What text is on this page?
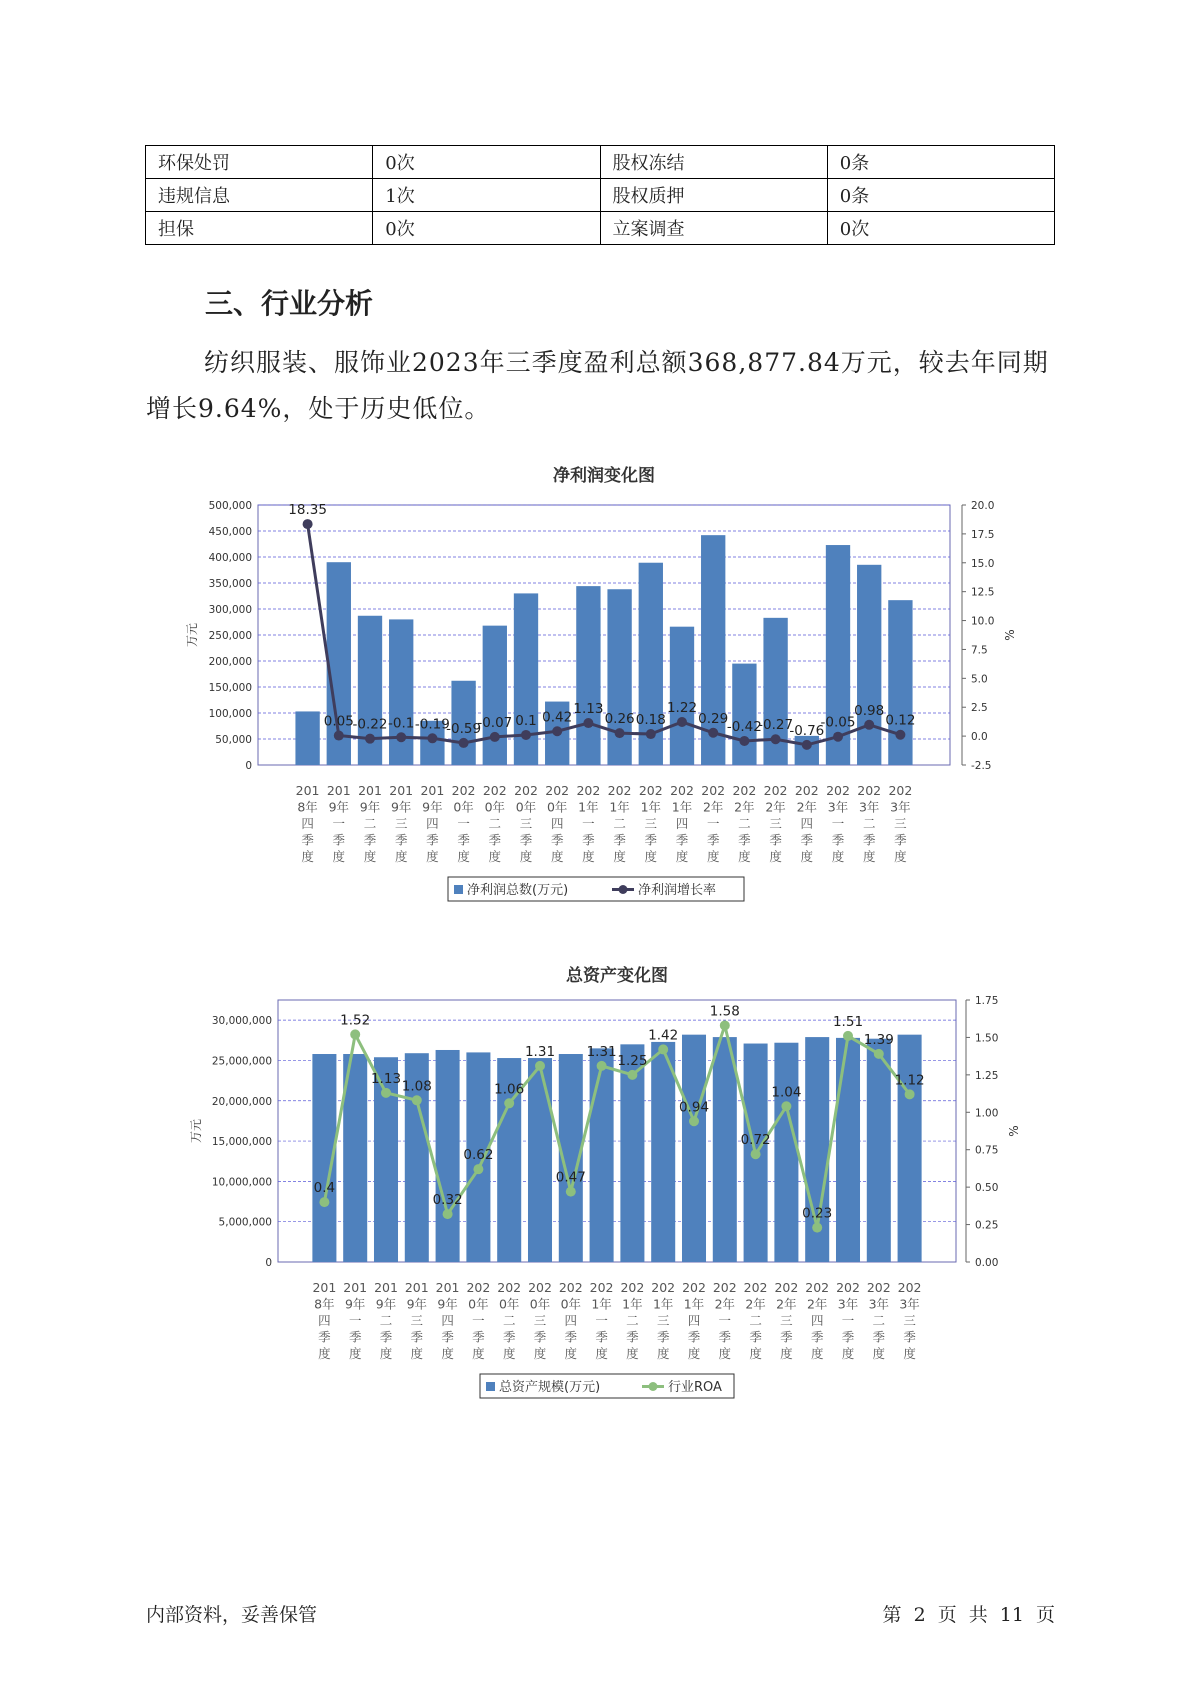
环保处罚	0次	股权冻结	0条
违规信息	1次	股权质押	0条
担保	0次	立案调查	0次
三、行业分析

纺织服装、服饰业2023年三季度盈利总额368,877.84万元，较去年同期增长9.64%，处于历史低位。

净利润变化图
0
50,000
100,000
150,000
200,000
250,000
300,000
350,000
400,000
450,000
500,000
-2.5
0.0
2.5
5.0
7.5
10.0
12.5
15.0
17.5
20.0
万元	%
18.35
0.05
-0.22 -0.1 -0.19
-0.59
-0.07 0.1 0.42
1.13
0.26 0.18
1.22
0.29
-0.42
-0.27
-0.76
-0.05
0.98
0.12
201
8年
四
季
度
201
9年
一
季
度
201
9年
二
季
度
201
9年
三
季
度
201
9年
四
季
度
202
0年
一
季
度
202
0年
二
季
度
202
0年
三
季
度
202
0年
四
季
度
202
1年
一
季
度
202
1年
二
季
度
202
1年
三
季
度
202
1年
四
季
度
202
2年
一
季
度
202
2年
二
季
度
202
2年
三
季
度
202
2年
四
季
度
202
3年
一
季
度
202
3年
二
季
度
202
3年
三
季
度
净利润总数(万元)	净利润增长率
总资产变化图
0
5,000,000
10,000,000
15,000,000
20,000,000
25,000,000
30,000,000
0.00
0.25
0.50
0.75
1.00
1.25
1.50
1.75
万元	%
0.4
1.52
1.13 1.08
0.32
0.62
1.06
1.31
0.47
1.31
1.25
1.42
0.94
1.58
0.72
1.04
0.23
1.51
1.39
1.12
201
8年
四
季
度
201
9年
一
季
度
201
9年
二
季
度
201
9年
三
季
度
201
9年
四
季
度
202
0年
一
季
度
202
0年
二
季
度
202
0年
三
季
度
202
0年
四
季
度
202
1年
一
季
度
202
1年
二
季
度
202
1年
三
季
度
202
1年
四
季
度
202
2年
一
季
度
202
2年
二
季
度
202
2年
三
季
度
202
2年
四
季
度
202
3年
一
季
度
202
3年
二
季
度
202
3年
三
季
度
总资产规模(万元)	行业ROA
内部资料，妥善保管	第 2 页 共 11 页
